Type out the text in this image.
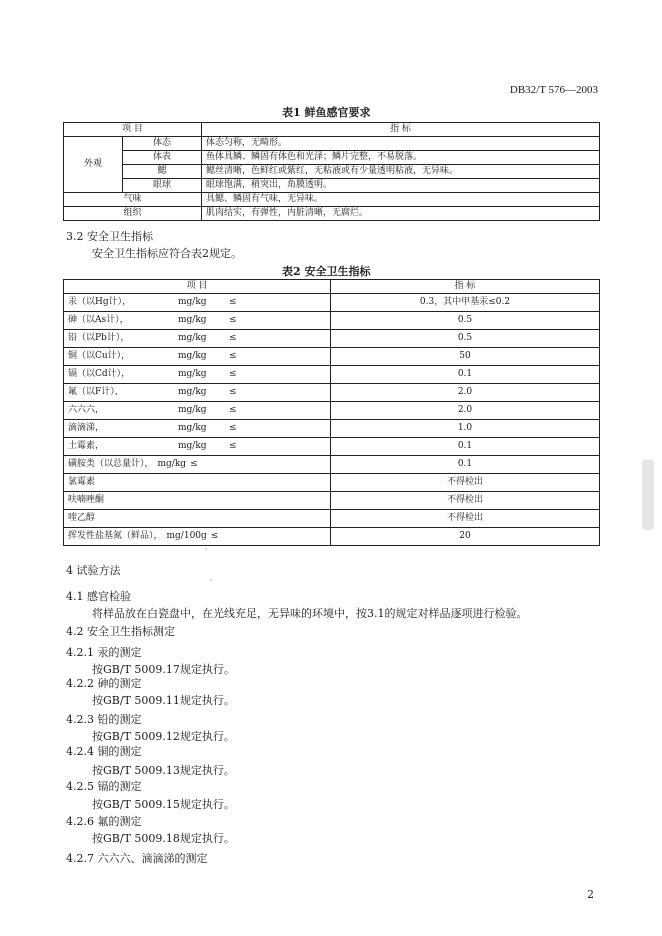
DB32/T 576—2003
表1 鲜鱼感官要求
项 目		指 标
外观	体态	体态匀称，无畸形。
	体表	鱼体具鳞、鳞固有体色和光泽；鳞片完整，不易脱落。
	鳃	鳃丝清晰，色鲜红或紫红，无粘液或有少量透明粘液，无异味。
	眼球	眼球饱满，稍突出，角膜透明。
气味		具鳃、鳞固有气味，无异味。
组织		肌肉结实，有弹性，内脏清晰，无腐烂。
3.2 安全卫生指标
安全卫生指标应符合表2规定。
表2 安全卫生指标
项 目	指 标
汞（以Hg计）， mg/kg ≤	0.3，其中甲基汞≤0.2
砷（以As计）， mg/kg ≤	0.5
铅（以Pb计）， mg/kg ≤	0.5
铜（以Cu计）， mg/kg ≤	50
镉（以Cd计）， mg/kg ≤	0.1
氟（以F计）， mg/kg ≤	2.0
六六六， mg/kg ≤	2.0
滴滴涕， mg/kg ≤	1.0
土霉素， mg/kg ≤	0.1
磺胺类（以总量计）， mg/kg ≤	0.1
氯霉素	不得检出
呋喃唑酮	不得检出
喹乙醇	不得检出
挥发性盐基氮（鲜品）， mg/100g ≤	20
4 试验方法
4.1 感官检验
将样品放在白瓷盘中，在光线充足，无异味的环境中，按3.1的规定对样品逐项进行检验。
4.2 安全卫生指标测定
4.2.1 汞的测定
按GB/T 5009.17规定执行。
4.2.2 砷的测定
按GB/T 5009.11规定执行。
4.2.3 铅的测定
按GB/T 5009.12规定执行。
4.2.4 铜的测定
按GB/T 5009.13规定执行。
4.2.5 镉的测定
按GB/T 5009.15规定执行。
4.2.6 氟的测定
按GB/T 5009.18规定执行。
4.2.7 六六六、滴滴涕的测定
2
